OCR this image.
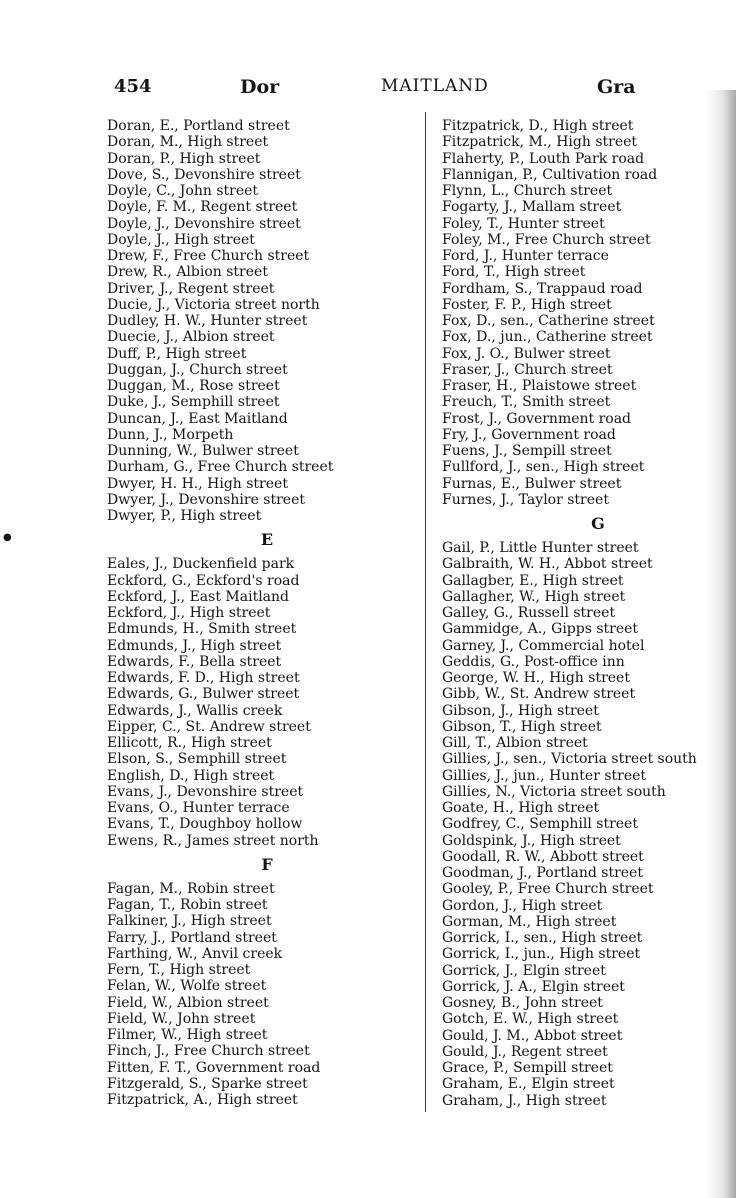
454	Dor	MAITLAND	Gra
Doran, E., Portland street
Doran, M., High street
Doran, P., High street
Dove, S., Devonshire street
Doyle, C., John street
Doyle, F. M., Regent street
Doyle, J., Devonshire street
Doyle, J., High street
Drew, F., Free Church street
Drew, R., Albion street
Driver, J., Regent street
Ducie, J., Victoria street north
Dudley, H. W., Hunter street
Duecie, J., Albion street
Duff, P., High street
Duggan, J., Church street
Duggan, M., Rose street
Duke, J., Semphill street
Duncan, J., East Maitland
Dunn, J., Morpeth
Dunning, W., Bulwer street
Durham, G., Free Church street
Dwyer, H. H., High street
Dwyer, J., Devonshire street
Dwyer, P., High street
E
Eales, J., Duckenfield park
Eckford, G., Eckford's road
Eckford, J., East Maitland
Eckford, J., High street
Edmunds, H., Smith street
Edmunds, J., High street
Edwards, F., Bella street
Edwards, F. D., High street
Edwards, G., Bulwer street
Edwards, J., Wallis creek
Eipper, C., St. Andrew street
Ellicott, R., High street
Elson, S., Semphill street
English, D., High street
Evans, J., Devonshire street
Evans, O., Hunter terrace
Evans, T., Doughboy hollow
Ewens, R., James street north
F
Fagan, M., Robin street
Fagan, T., Robin street
Falkiner, J., High street
Farry, J., Portland street
Farthing, W., Anvil creek
Fern, T., High street
Felan, W., Wolfe street
Field, W., Albion street
Field, W., John street
Filmer, W., High street
Finch, J., Free Church street
Fitten, F. T., Government road
Fitzgerald, S., Sparke street
Fitzpatrick, A., High street
Fitzpatrick, D., High street
Fitzpatrick, M., High street
Flaherty, P., Louth Park road
Flannigan, P., Cultivation road
Flynn, L., Church street
Fogarty, J., Mallam street
Foley, T., Hunter street
Foley, M., Free Church street
Ford, J., Hunter terrace
Ford, T., High street
Fordham, S., Trappaud road
Foster, F. P., High street
Fox, D., sen., Catherine street
Fox, D., jun., Catherine street
Fox, J. O., Bulwer street
Fraser, J., Church street
Fraser, H., Plaistowe street
Freuch, T., Smith street
Frost, J., Government road
Fry, J., Government road
Fuens, J., Sempill street
Fullford, J., sen., High street
Furnas, E., Bulwer street
Furnes, J., Taylor street
G
Gail, P., Little Hunter street
Galbraith, W. H., Abbot street
Gallagber, E., High street
Gallagher, W., High street
Galley, G., Russell street
Gammidge, A., Gipps street
Garney, J., Commercial hotel
Geddis, G., Post-office inn
George, W. H., High street
Gibb, W., St. Andrew street
Gibson, J., High street
Gibson, T., High street
Gill, T., Albion street
Gillies, J., sen., Victoria street south
Gillies, J., jun., Hunter street
Gillies, N., Victoria street south
Goate, H., High street
Godfrey, C., Semphill street
Goldspink, J., High street
Goodall, R. W., Abbott street
Goodman, J., Portland street
Gooley, P., Free Church street
Gordon, J., High street
Gorman, M., High street
Gorrick, I., sen., High street
Gorrick, I., jun., High street
Gorrick, J., Elgin street
Gorrick, J. A., Elgin street
Gosney, B., John street
Gotch, E. W., High street
Gould, J. M., Abbot street
Gould, J., Regent street
Grace, P., Sempill street
Graham, E., Elgin street
Graham, J., High street
●
